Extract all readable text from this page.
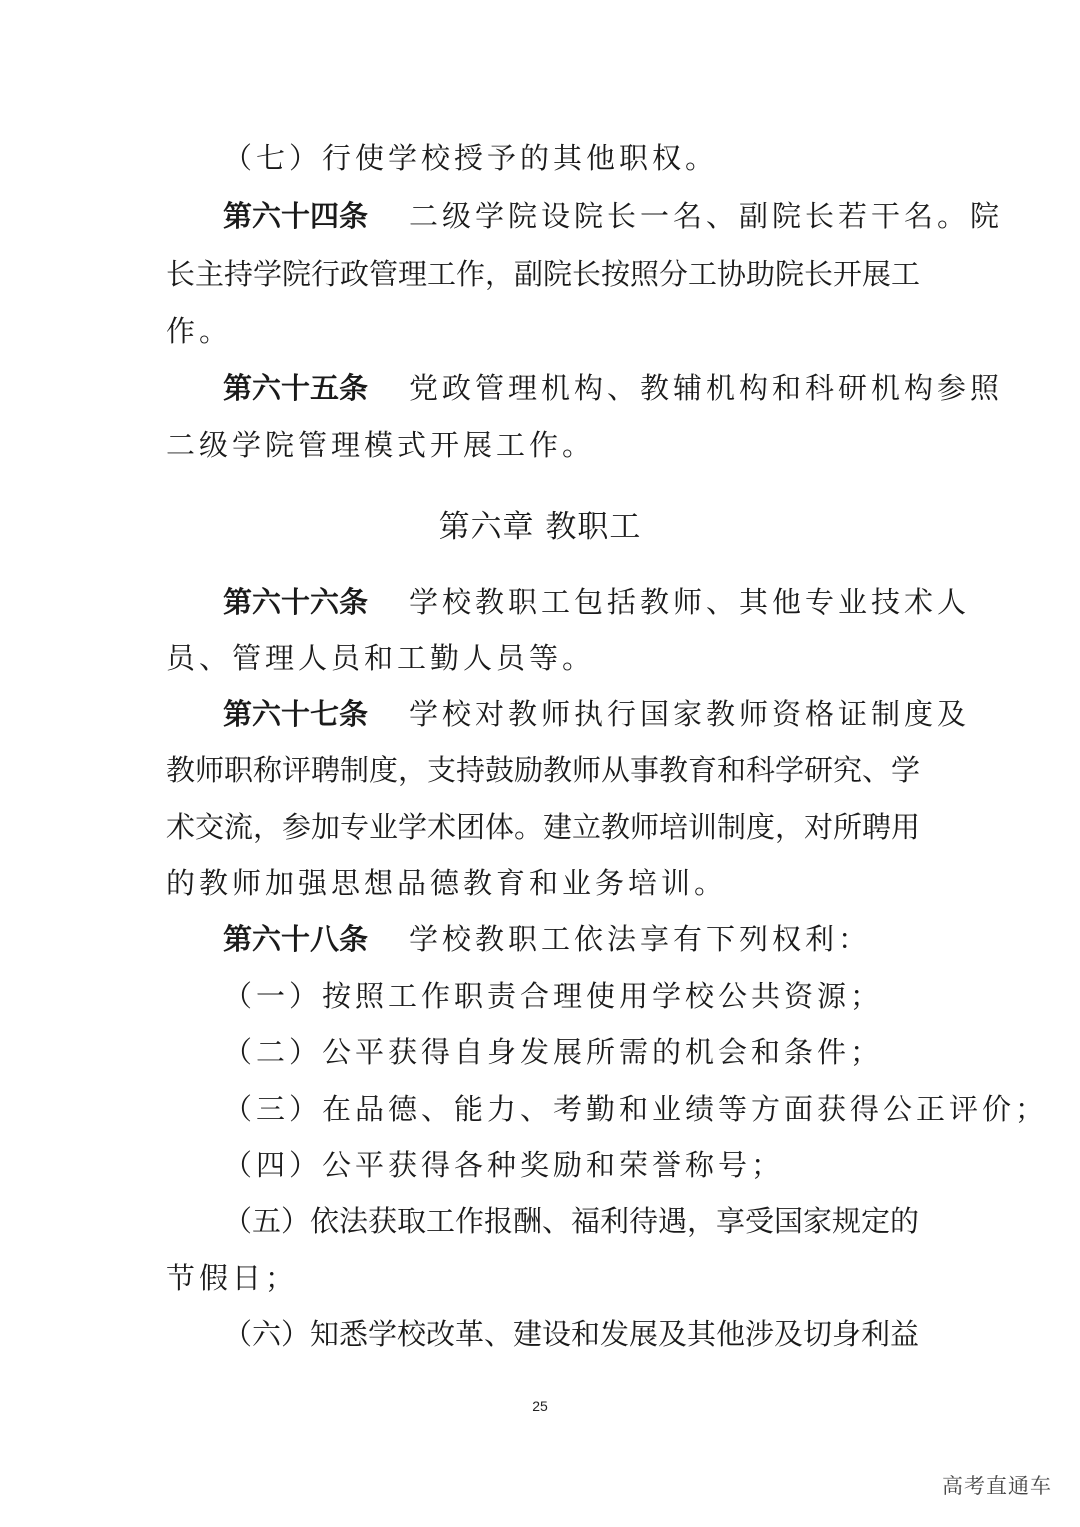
（七）行使学校授予的其他职权。
第六十四条 二级学院设院长一名、副院长若干名。院
长主持学院行政管理工作，副院长按照分工协助院长开展工
作。
第六十五条 党政管理机构、教辅机构和科研机构参照
二级学院管理模式开展工作。
第六章 教职工
第六十六条 学校教职工包括教师、其他专业技术人
员、管理人员和工勤人员等。
第六十七条 学校对教师执行国家教师资格证制度及
教师职称评聘制度，支持鼓励教师从事教育和科学研究、学
术交流，参加专业学术团体。建立教师培训制度，对所聘用
的教师加强思想品德教育和业务培训。
第六十八条 学校教职工依法享有下列权利：
（一）按照工作职责合理使用学校公共资源；
（二）公平获得自身发展所需的机会和条件；
（三）在品德、能力、考勤和业绩等方面获得公正评价；
（四）公平获得各种奖励和荣誉称号；
（五）依法获取工作报酬、福利待遇，享受国家规定的
节假日；
（六）知悉学校改革、建设和发展及其他涉及切身利益
25
高考直通车
